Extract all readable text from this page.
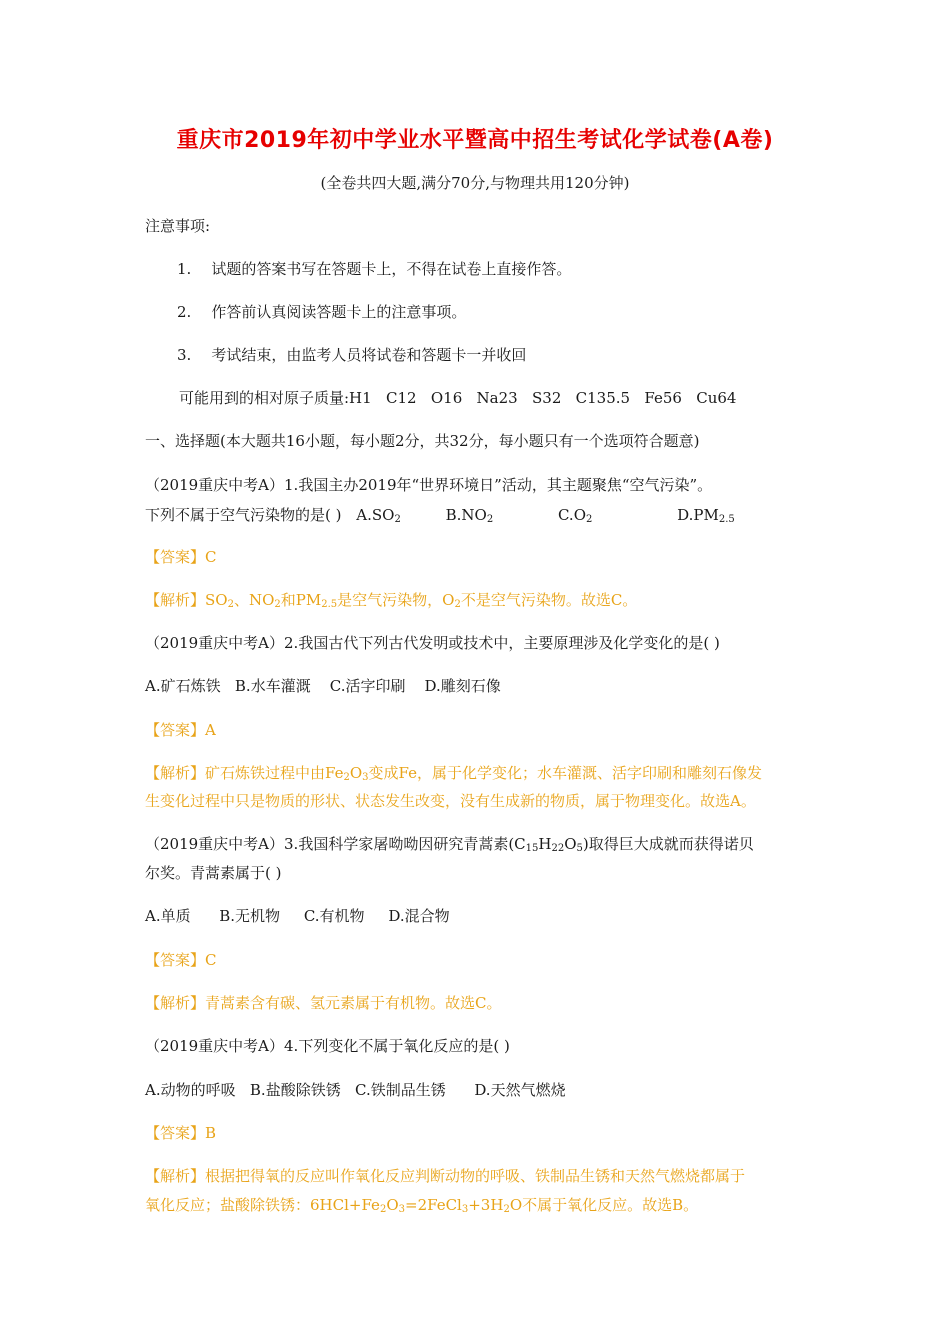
重庆市2019年初中学业水平暨高中招生考试化学试卷(A卷)
(全卷共四大题,满分70分,与物理共用120分钟)
注意事项:
1. 试题的答案书写在答题卡上，不得在试卷上直接作答。
2. 作答前认真阅读答题卡上的注意事项。
3. 考试结束，由监考人员将试卷和答题卡一并收回
可能用到的相对原子质量:H1   C12   O16   Na23   S32   C135.5   Fe56   Cu64
一、选择题(本大题共16小题，每小题2分，共32分，每小题只有一个选项符合题意)
（2019重庆中考A）1.我国主办2019年“世界环境日”活动，其主题聚焦“空气污染”。
下列不属于空气污染物的是( ) $A.SO_2$	$B.NO_2$	$C.O_2$	$D.PM_{2.5}$
【答案】C
【解析】$SO_2$、$NO_2$和$PM_{2.5}$是空气污染物，$O_2$不是空气污染物。故选C。
（2019重庆中考A）2.我国古代下列古代发明或技术中，主要原理涉及化学变化的是( )
A.矿石炼铁   B.水车灌溉    C.活字印刷    D.雕刻石像
【答案】A
【解析】矿石炼铁过程中由$Fe_2O_3$变成Fe，属于化学变化；水车灌溉、活字印刷和雕刻石像发
生变化过程中只是物质的形状、状态发生改变，没有生成新的物质，属于物理变化。故选A。
（2019重庆中考A）3.我国科学家屠呦呦因研究青蒿素$(C_{15}H_{22}O_5)$取得巨大成就而获得诺贝
尔奖。青蒿素属于( )
A.单质      B.无机物     C.有机物     D.混合物
【答案】C
【解析】青蒿素含有碳、氢元素属于有机物。故选C。
（2019重庆中考A）4.下列变化不属于氧化反应的是( )
A.动物的呼吸   B.盐酸除铁锈   C.铁制品生锈      D.天然气燃烧
【答案】B
【解析】根据把得氧的反应叫作氧化反应判断动物的呼吸、铁制品生锈和天然气燃烧都属于
氧化反应；盐酸除铁锈：$6HCl+Fe_2O_3=2FeCl_3+3H_2O$不属于氧化反应。故选B。
